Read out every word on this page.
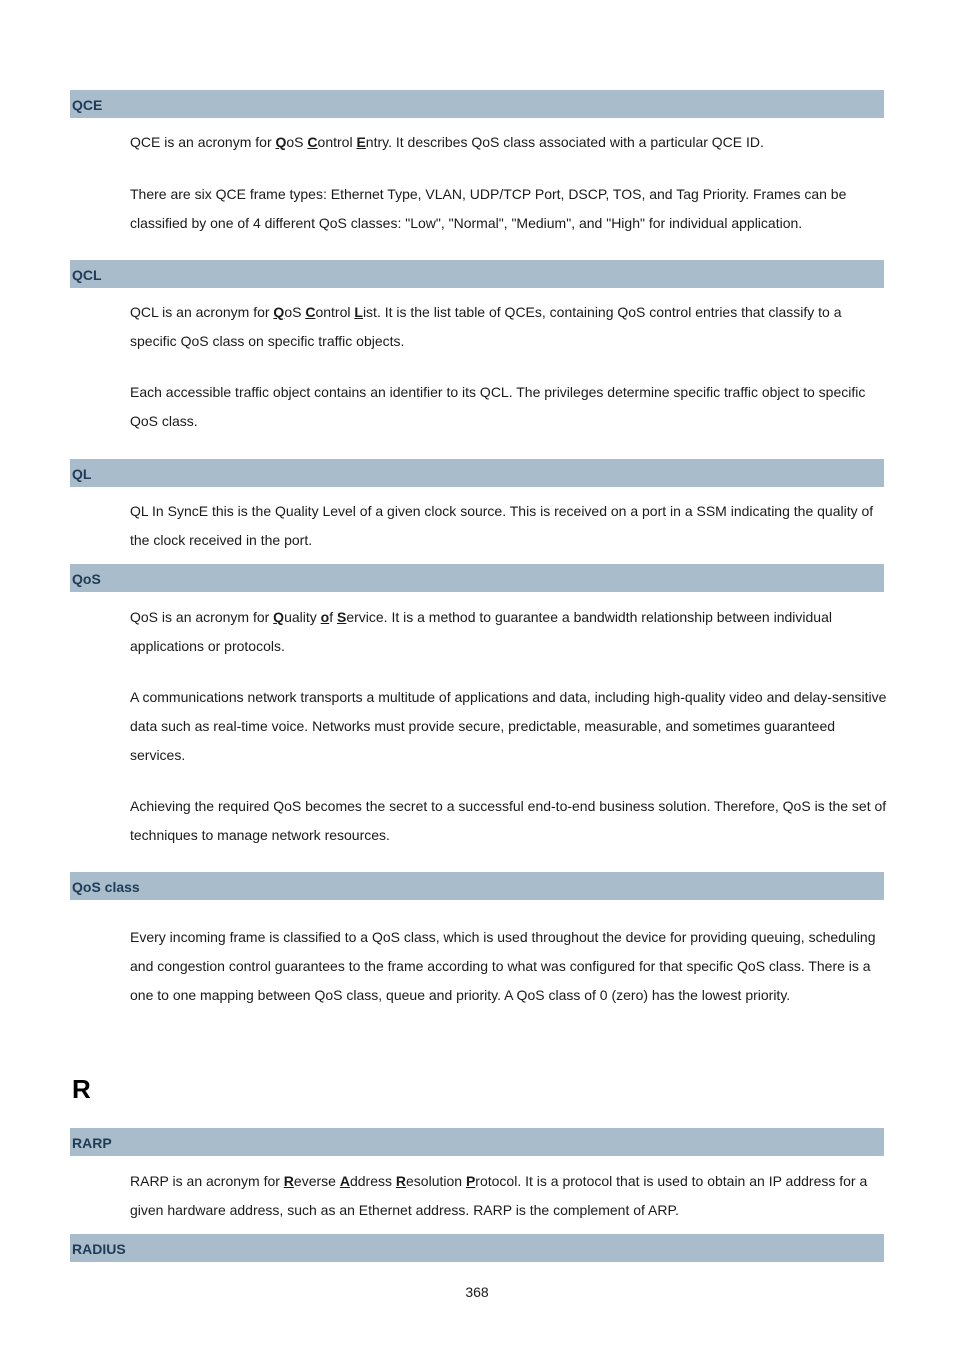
QCE

QCE is an acronym for QoS Control Entry. It describes QoS class associated with a particular QCE ID.

There are six QCE frame types: Ethernet Type, VLAN, UDP/TCP Port, DSCP, TOS, and Tag Priority. Frames can be classified by one of 4 different QoS classes: "Low", "Normal", "Medium", and "High" for individual application.

QCL

QCL is an acronym for QoS Control List. It is the list table of QCEs, containing QoS control entries that classify to a specific QoS class on specific traffic objects.

Each accessible traffic object contains an identifier to its QCL. The privileges determine specific traffic object to specific QoS class.

QL

QL In SyncE this is the Quality Level of a given clock source. This is received on a port in a SSM indicating the quality of the clock received in the port.

QoS

QoS is an acronym for Quality of Service. It is a method to guarantee a bandwidth relationship between individual applications or protocols.

A communications network transports a multitude of applications and data, including high-quality video and delay-sensitive data such as real-time voice. Networks must provide secure, predictable, measurable, and sometimes guaranteed services.

Achieving the required QoS becomes the secret to a successful end-to-end business solution. Therefore, QoS is the set of techniques to manage network resources.

QoS class

Every incoming frame is classified to a QoS class, which is used throughout the device for providing queuing, scheduling and congestion control guarantees to the frame according to what was configured for that specific QoS class. There is a one to one mapping between QoS class, queue and priority. A QoS class of 0 (zero) has the lowest priority.

R
RARP

RARP is an acronym for Reverse Address Resolution Protocol. It is a protocol that is used to obtain an IP address for a given hardware address, such as an Ethernet address. RARP is the complement of ARP.

RADIUS
368
